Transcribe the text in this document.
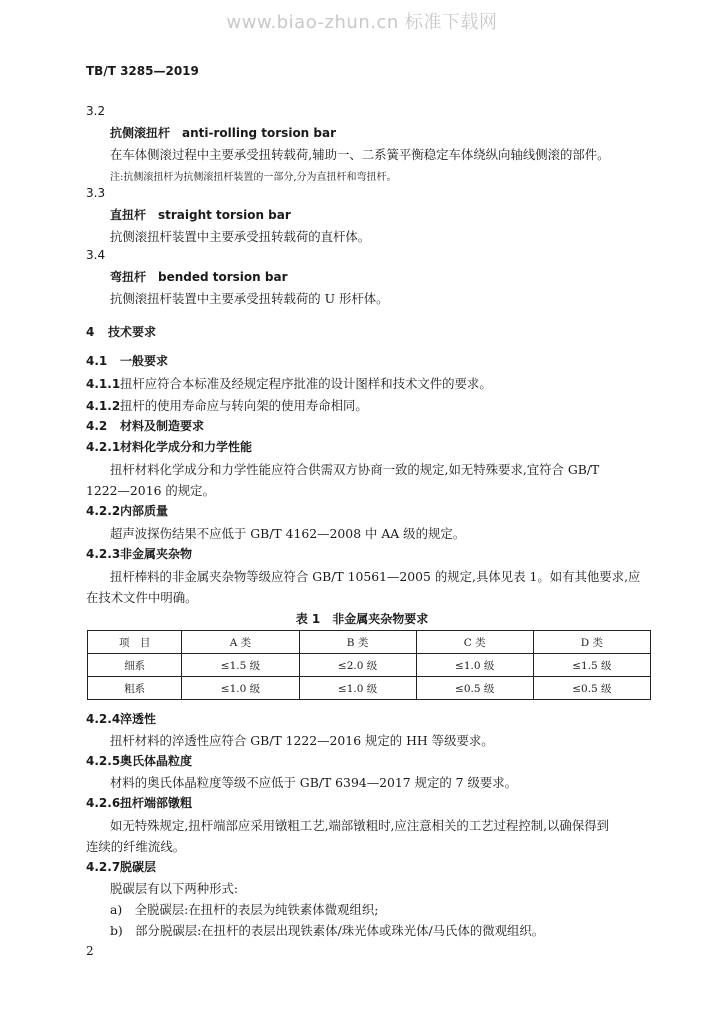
www.biao-zhun.cn 标准下载网
TB/T 3285—2019
3.2
抗侧滚扭杆　anti-rolling torsion bar
在车体侧滚过程中主要承受扭转载荷,辅助一、二系簧平衡稳定车体绕纵向轴线侧滚的部件。
注:抗侧滚扭杆为抗侧滚扭杆装置的一部分,分为直扭杆和弯扭杆。
3.3
直扭杆　straight torsion bar
抗侧滚扭杆装置中主要承受扭转载荷的直杆体。
3.4
弯扭杆　bended torsion bar
抗侧滚扭杆装置中主要承受扭转载荷的 U 形杆体。
4 技术要求
4.1 一般要求
4.1.1扭杆应符合本标准及经规定程序批准的设计图样和技术文件的要求。
4.1.2扭杆的使用寿命应与转向架的使用寿命相同。
4.2 材料及制造要求
4.2.1材料化学成分和力学性能
扭杆材料化学成分和力学性能应符合供需双方协商一致的规定,如无特殊要求,宜符合 GB/T
1222—2016 的规定。
4.2.2内部质量
超声波探伤结果不应低于 GB/T 4162—2008 中 AA 级的规定。
4.2.3非金属夹杂物
扭杆棒料的非金属夹杂物等级应符合 GB/T 10561—2005 的规定,具体见表 1。如有其他要求,应
在技术文件中明确。
表 1　非金属夹杂物要求
项　目	A 类	B 类	C 类	D 类
细系	≤1.5 级	≤2.0 级	≤1.0 级	≤1.5 级
粗系	≤1.0 级	≤1.0 级	≤0.5 级	≤0.5 级
4.2.4淬透性
扭杆材料的淬透性应符合 GB/T 1222—2016 规定的 HH 等级要求。
4.2.5奥氏体晶粒度
材料的奥氏体晶粒度等级不应低于 GB/T 6394—2017 规定的 7 级要求。
4.2.6扭杆端部镦粗
如无特殊规定,扭杆端部应采用镦粗工艺,端部镦粗时,应注意相关的工艺过程控制,以确保得到
连续的纤维流线。
4.2.7脱碳层
脱碳层有以下两种形式:
a)　全脱碳层:在扭杆的表层为纯铁素体微观组织;
b)　部分脱碳层:在扭杆的表层出现铁素体/珠光体或珠光体/马氏体的微观组织。
2
